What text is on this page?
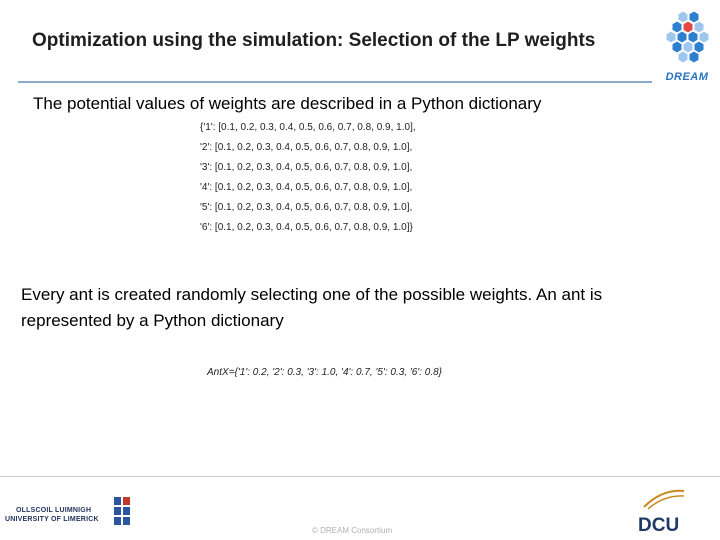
Optimization using the simulation: Selection of the LP weights
DREAM
The potential values of weights are described in a Python dictionary
{'1': [0.1, 0.2, 0.3, 0.4, 0.5, 0.6, 0.7, 0.8, 0.9, 1.0],
'2': [0.1, 0.2, 0.3, 0.4, 0.5, 0.6, 0.7, 0.8, 0.9, 1.0],
'3': [0.1, 0.2, 0.3, 0.4, 0.5, 0.6, 0.7, 0.8, 0.9, 1.0],
'4': [0.1, 0.2, 0.3, 0.4, 0.5, 0.6, 0.7, 0.8, 0.9, 1.0],
'5': [0.1, 0.2, 0.3, 0.4, 0.5, 0.6, 0.7, 0.8, 0.9, 1.0],
'6': [0.1, 0.2, 0.3, 0.4, 0.5, 0.6, 0.7, 0.8, 0.9, 1.0]}
Every ant is created randomly selecting one of the possible weights. An ant is represented by a Python dictionary
AntX={'1': 0.2, '2': 0.3, '3': 1.0, '4': 0.7, '5': 0.3, '6': 0.8}
OLLSCOIL LUIMNIGH
UNIVERSITY OF LIMERICK
© DREAM Consortium	DCU
